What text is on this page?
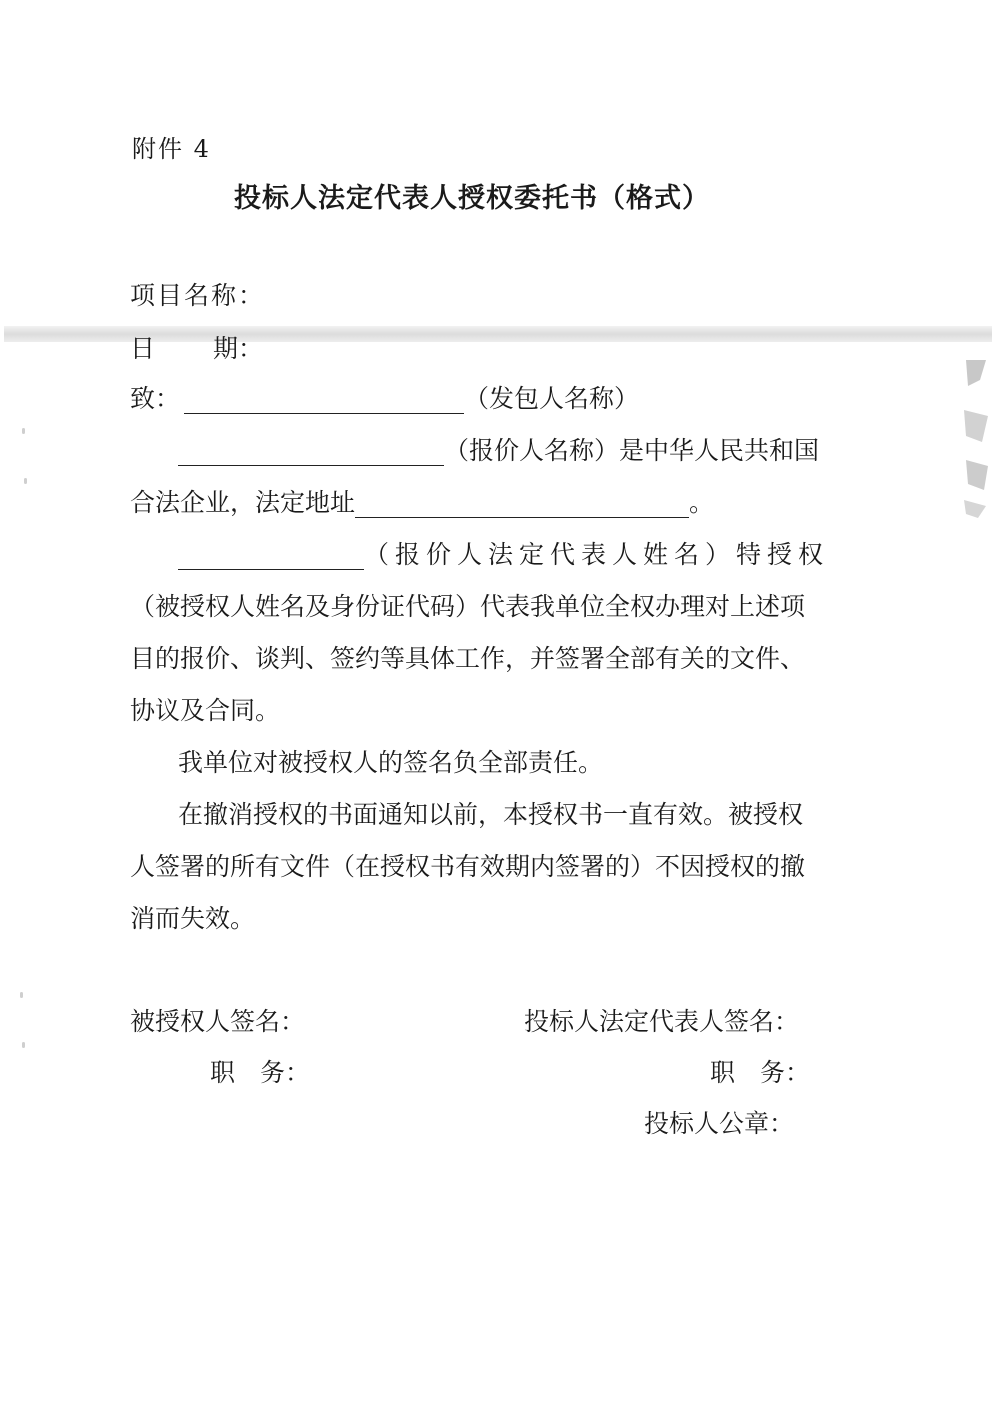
附件 4
投标人法定代表人授权委托书（格式）
项目名称：
日 期：
致：	（发包人名称）
（报价人名称）是中华人民共和国
合法企业，法定地址	。
（报价人法定代表人姓名）特授权
（被授权人姓名及身份证代码）代表我单位全权办理对上述项
目的报价、谈判、签约等具体工作，并签署全部有关的文件、
协议及合同。
我单位对被授权人的签名负全部责任。
在撤消授权的书面通知以前，本授权书一直有效。被授权
人签署的所有文件（在授权书有效期内签署的）不因授权的撤
消而失效。
被授权人签名：
职　务：
投标人法定代表人签名：
职　务：
投标人公章：
